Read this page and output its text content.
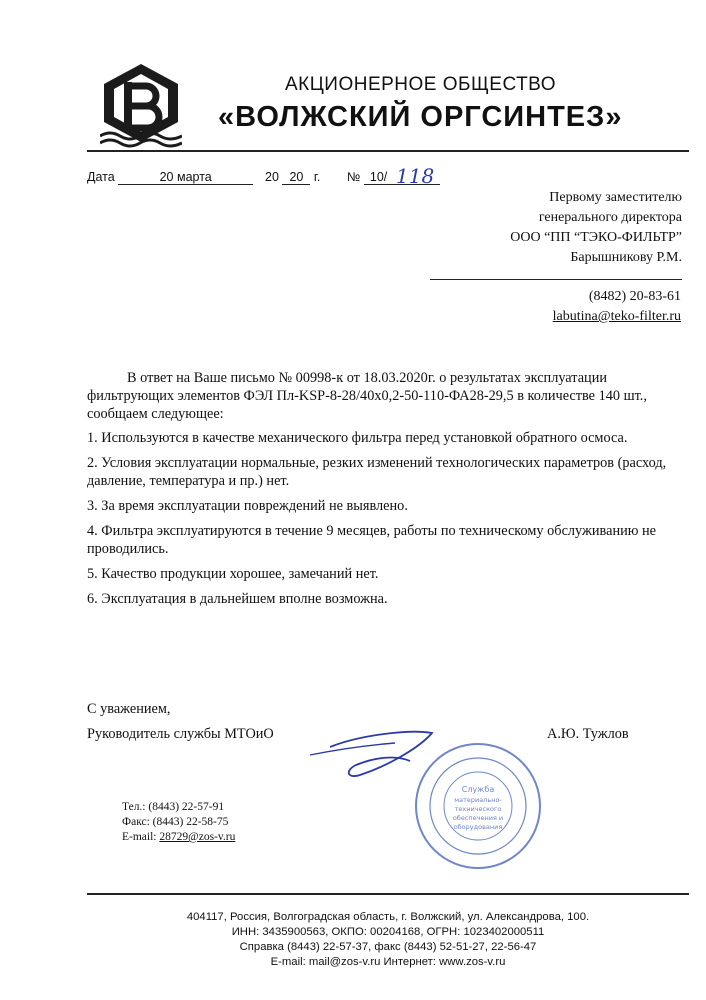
АКЦИОНЕРНОЕ ОБЩЕСТВО
«ВОЛЖСКИЙ ОРГСИНТЕЗ»
Дата	20 марта	20 20 г. № 10/ 118
Первому заместителю
генерального директора
ООО “ПП “ТЭКО-ФИЛЬТР”
Барышникову Р.М.
(8482) 20-83-61
labutina@teko-filter.ru

В ответ на Ваше письмо № 00998-к от 18.03.2020г. о результатах эксплуатации фильтрующих элементов ФЭЛ Пл-KSP-8-28/40х0,2-50-110-ФА28-29,5 в количестве 140 шт., сообщаем следующее:

1. Используются в качестве механического фильтра перед установкой обратного осмоса.

2. Условия эксплуатации нормальные, резких изменений технологических параметров (расход, давление, температура и пр.) нет.

3. За время эксплуатации повреждений не выявлено.

4. Фильтра эксплуатируются в течение 9 месяцев, работы по техническому обслуживанию не проводились.

5. Качество продукции хорошее, замечаний нет.

6. Эксплуатация в дальнейшем вполне возможна.

С уважением,
Руководитель службы МТОиО	А.Ю. Тужлов
Служба
материально-
технического
обеспечения и
оборудования
Тел.: (8443) 22-57-91
Факс: (8443) 22-58-75
E-mail: 28729@zos-v.ru
404117, Россия, Волгоградская область, г. Волжский, ул. Александрова, 100.
ИНН: 3435900563, ОКПО: 00204168, ОГРН: 1023402000511
Справка (8443) 22-57-37, факс (8443) 52-51-27, 22-56-47
E-mail: mail@zos-v.ru Интернет: www.zos-v.ru
